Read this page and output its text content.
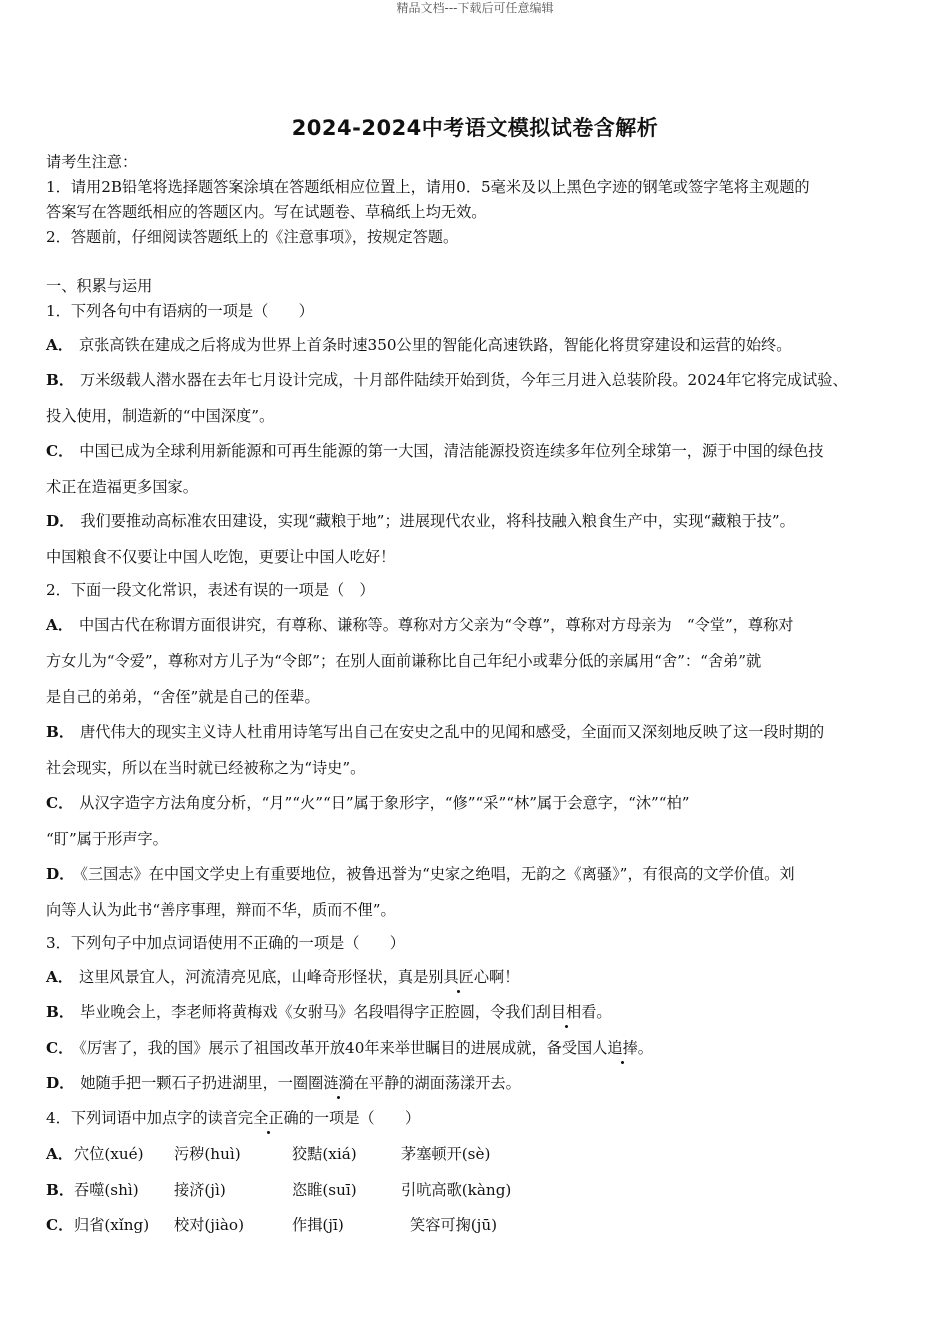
精品文档---下载后可任意编辑
2024-2024中考语文模拟试卷含解析
请考生注意：
1．请用2B铅笔将选择题答案涂填在答题纸相应位置上，请用0．5毫米及以上黑色字迹的钢笔或签字笔将主观题的
答案写在答题纸相应的答题区内。写在试题卷、草稿纸上均无效。
2．答题前，仔细阅读答题纸上的《注意事项》，按规定答题。
一、积累与运用
1．下列各句中有语病的一项是（　　）
A． 京张高铁在建成之后将成为世界上首条时速350公里的智能化高速铁路，智能化将贯穿建设和运营的始终。
B． 万米级载人潜水器在去年七月设计完成，十月部件陆续开始到货，今年三月进入总装阶段。2024年它将完成试验、
投入使用，制造新的“中国深度”。
C． 中国已成为全球利用新能源和可再生能源的第一大国，清洁能源投资连续多年位列全球第一，源于中国的绿色技
术正在造福更多国家。
D． 我们要推动高标准农田建设，实现“藏粮于地”；进展现代农业，将科技融入粮食生产中，实现“藏粮于技”。
中国粮食不仅要让中国人吃饱，更要让中国人吃好！
2．下面一段文化常识，表述有误的一项是（　）
A． 中国古代在称谓方面很讲究，有尊称、谦称等。尊称对方父亲为“令尊”，尊称对方母亲为　“令堂”，尊称对
方女儿为“令爱”，尊称对方儿子为“令郎”；在别人面前谦称比自己年纪小或辈分低的亲属用“舍”：“舍弟”就
是自己的弟弟，“舍侄”就是自己的侄辈。
B． 唐代伟大的现实主义诗人杜甫用诗笔写出自己在安史之乱中的见闻和感受，全面而又深刻地反映了这一段时期的
社会现实，所以在当时就已经被称之为“诗史”。
C． 从汉字造字方法角度分析，“月”“火”“日”属于象形字，“修”“采”“林”属于会意字，“沐”“柏”
“盯”属于形声字。
D． 《三国志》在中国文学史上有重要地位，被鲁迅誉为“史家之绝唱，无韵之《离骚》”，有很高的文学价值。刘
向等人认为此书“善序事理，辩而不华，质而不俚”。
3．下列句子中加点词语使用不正确的一项是（　　）
A． 这里风景宜人，河流清亮见底，山峰奇形怪状，真是别具匠心啊！
B． 毕业晚会上，李老师将黄梅戏《女驸马》名段唱得字正腔圆，令我们刮目相看。
C． 《厉害了，我的国》展示了祖国改革开放40年来举世瞩目的进展成就，备受国人追捧。
D． 她随手把一颗石子扔进湖里，一圈圈涟漪在平静的湖面荡漾开去。
4．下列词语中加点字的读音完全正确的一项是（　　）
A． 穴位(xué) 污秽(huì)	狡黠(xiá)	茅塞顿开(sè)
B． 吞噬(shì) 接济(jì)	恣睢(suī)	引吭高歌(kàng)
C． 归省(xǐng) 校对(jiào)	作揖(jī)	笑容可掬(jū)
